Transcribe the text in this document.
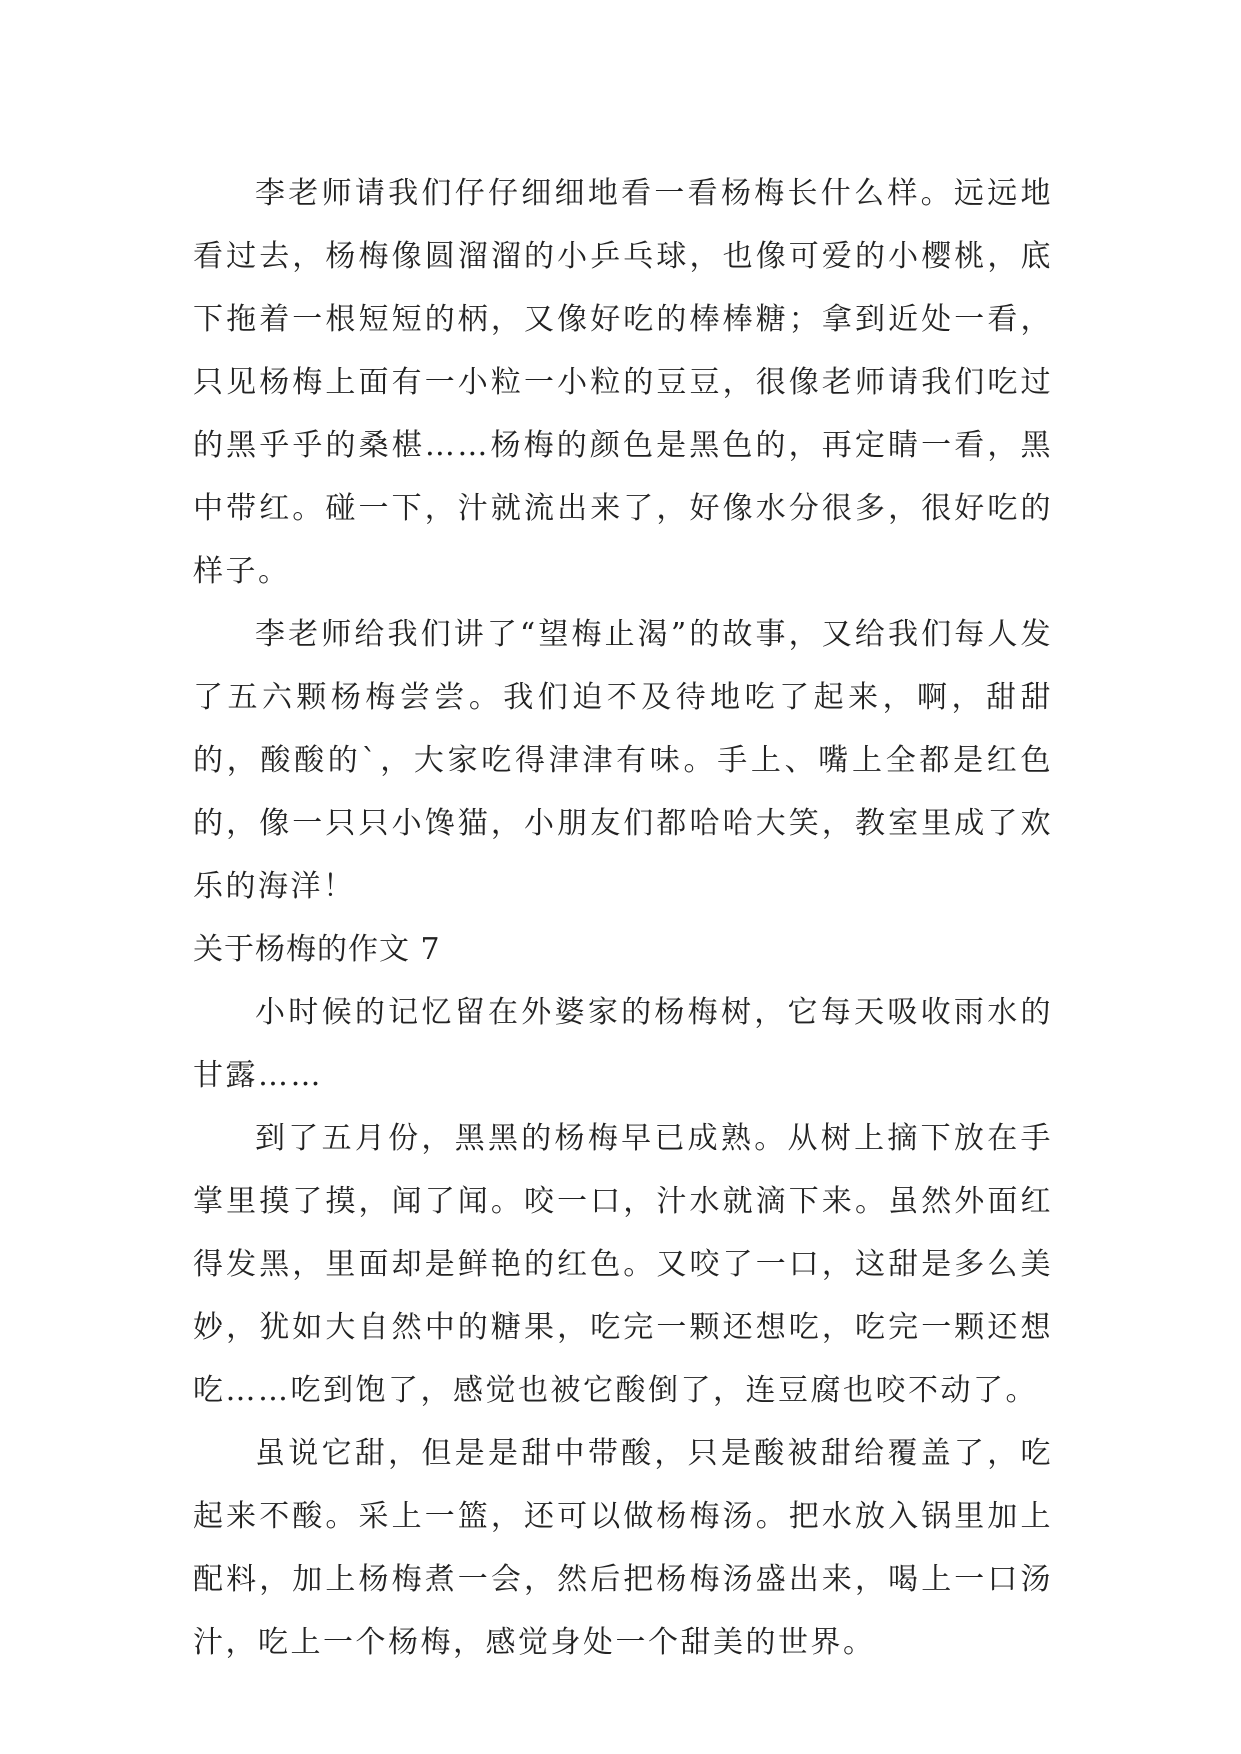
李老师请我们仔仔细细地看一看杨梅长什么样。远远地看过去，杨梅像圆溜溜的小乒乓球，也像可爱的小樱桃，底下拖着一根短短的柄，又像好吃的棒棒糖；拿到近处一看，只见杨梅上面有一小粒一小粒的豆豆，很像老师请我们吃过的黑乎乎的桑椹……杨梅的颜色是黑色的，再定睛一看，黑中带红。碰一下，汁就流出来了，好像水分很多，很好吃的样子。

李老师给我们讲了“望梅止渴”的故事，又给我们每人发了五六颗杨梅尝尝。我们迫不及待地吃了起来，啊，甜甜的，酸酸的`，大家吃得津津有味。手上、嘴上全都是红色的，像一只只小馋猫，小朋友们都哈哈大笑，教室里成了欢乐的海洋！

关于杨梅的作文 7

小时候的记忆留在外婆家的杨梅树，它每天吸收雨水的甘露……

到了五月份，黑黑的杨梅早已成熟。从树上摘下放在手掌里摸了摸，闻了闻。咬一口，汁水就滴下来。虽然外面红得发黑，里面却是鲜艳的红色。又咬了一口，这甜是多么美妙，犹如大自然中的糖果，吃完一颗还想吃，吃完一颗还想吃……吃到饱了，感觉也被它酸倒了，连豆腐也咬不动了。

虽说它甜，但是是甜中带酸，只是酸被甜给覆盖了，吃起来不酸。采上一篮，还可以做杨梅汤。把水放入锅里加上配料，加上杨梅煮一会，然后把杨梅汤盛出来，喝上一口汤汁，吃上一个杨梅，感觉身处一个甜美的世界。
